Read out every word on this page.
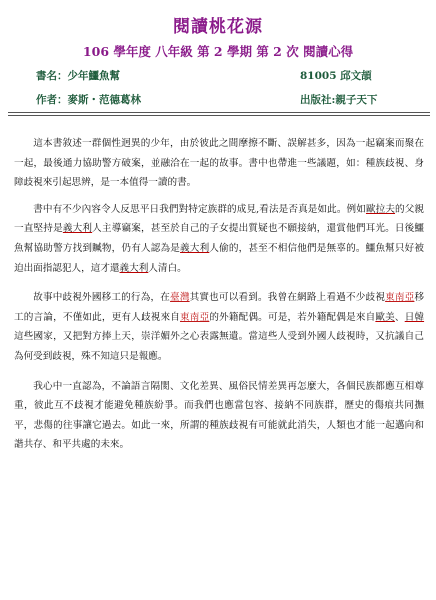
閱讀桃花源
106 學年度 八年級 第 2 學期 第 2 次 閱讀心得
書名：少年鱷魚幫	81005 邱文頡
作者：麥斯・范德葛林	出版社:親子天下

這本書敘述一群個性迥異的少年，由於彼此之間摩擦不斷、誤解甚多，因為一起竊案而聚在一起，最後通力協助警方破案，並融洽在一起的故事。書中也帶進一些議題，如：種族歧視、身障歧視來引起思辨，是一本值得一讀的書。

書中有不少內容令人反思平日我們對特定族群的成見,看法是否真是如此。例如歐拉夫的父親一直堅持是義大利人主導竊案，甚至於自己的子女提出質疑也不願接納，還賞他們耳光。日後鱷魚幫協助警方找到贓物，仍有人認為是義大利人偷的，甚至不相信他們是無辜的。鱷魚幫只好被迫出面指認犯人，這才還義大利人清白。

故事中歧視外國移工的行為，在臺灣其實也可以看到。我曾在網路上看過不少歧視東南亞移工的言論，不僅如此，更有人歧視來自東南亞的外籍配偶。可是，若外籍配偶是來自歐美、日韓這些國家，又把對方捧上天，崇洋媚外之心表露無遺。當這些人受到外國人歧視時，又抗議自己為何受到歧視，殊不知這只是報應。

我心中一直認為，不論語言隔閡、文化差異、風俗民情差異再怎麼大，各個民族都應互相尊重，彼此互不歧視才能避免種族紛爭。而我們也應當包容、接納不同族群，歷史的傷痕共同撫平，悲傷的往事讓它過去。如此一來，所謂的種族歧視有可能就此消失，人類也才能一起邁向和諧共存、和平共處的未來。
